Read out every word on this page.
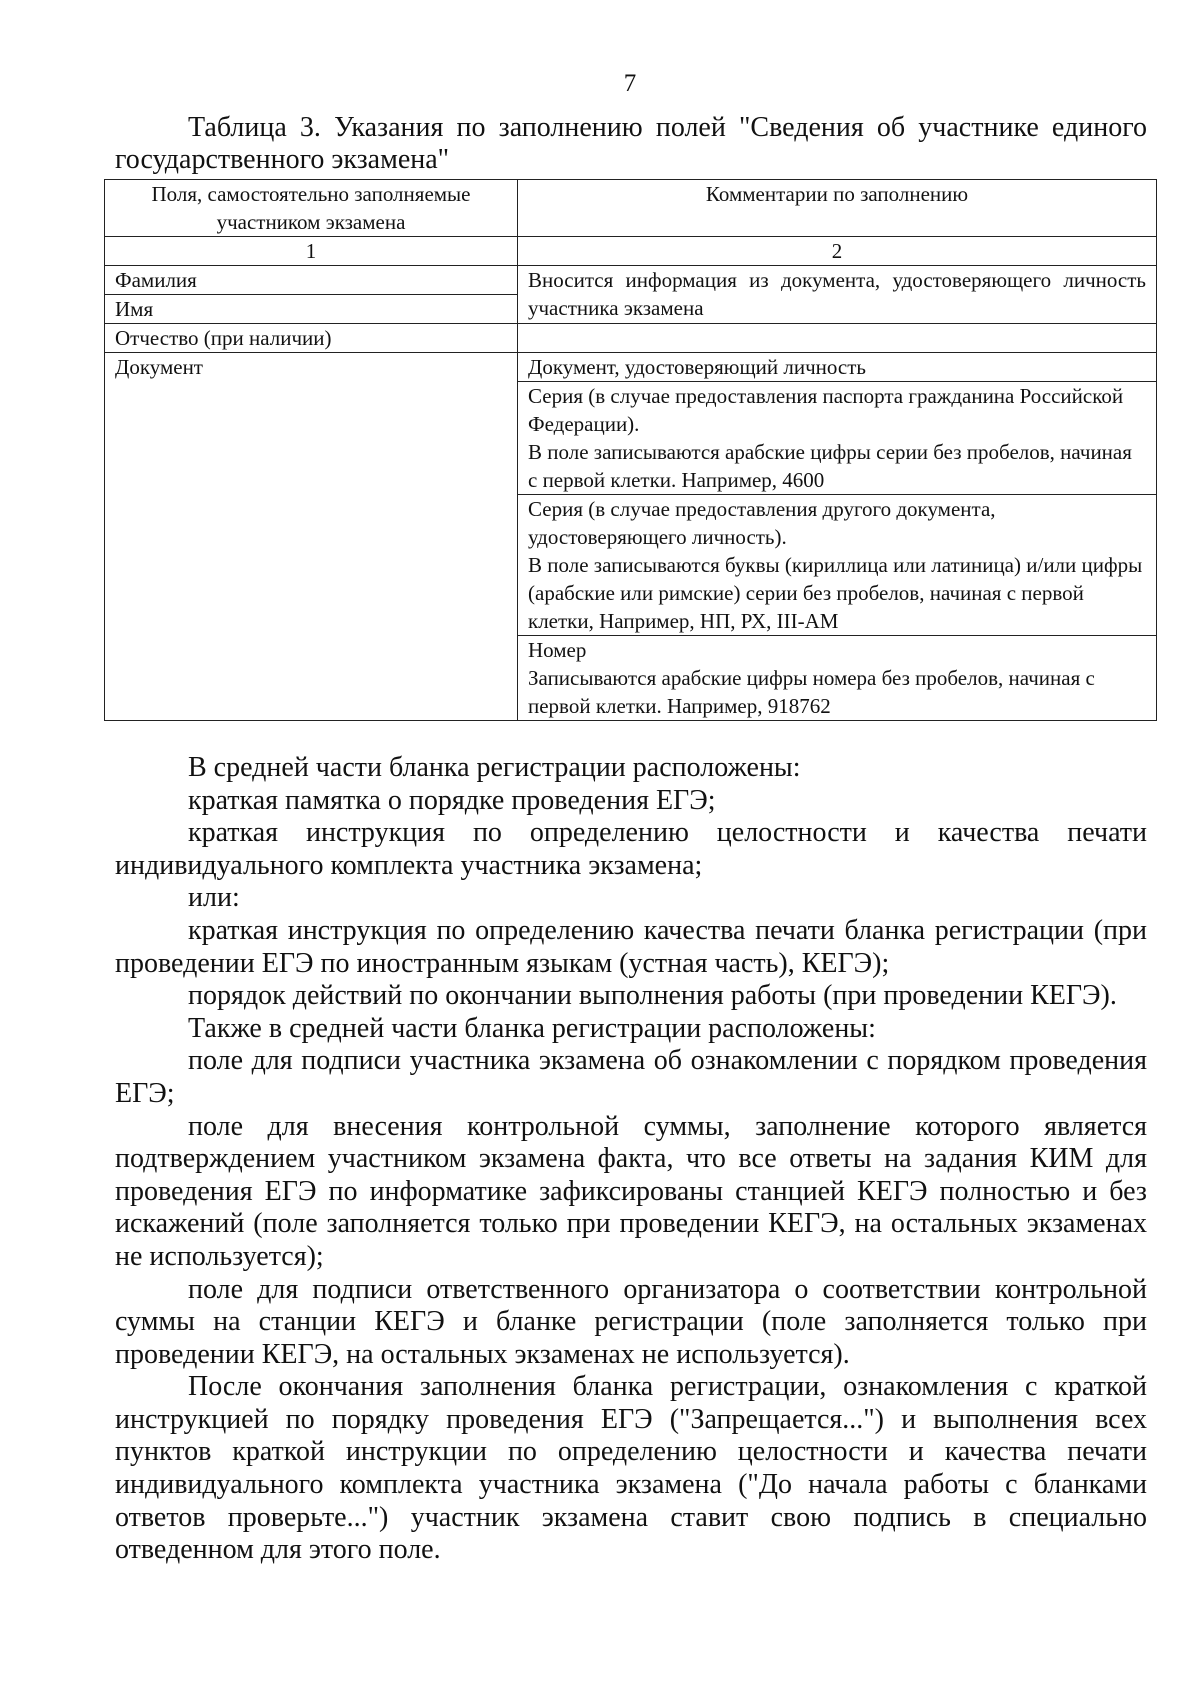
7

Таблица 3. Указания по заполнению полей "Сведения об участнике единого государственного экзамена"

Поля, самостоятельно заполняемые участником экзамена	Комментарии по заполнению
1	2
Фамилия	Вносится информация из документа, удостоверяющего личность участника экзамена
Имя	
Отчество (при наличии)	
Документ	Документ, удостоверяющий личность

	Серия (в случае предоставления паспорта гражданина Российской Федерации).
В поле записываются арабские цифры серии без пробелов, начиная с первой клетки. Например, 4600

	Серия (в случае предоставления другого документа, удостоверяющего личность).
В поле записываются буквы (кириллица или латиница) и/или цифры (арабские или римские) серии без пробелов, начиная с первой клетки, Например, НП, РХ, III-АМ

	Номер
Записываются арабские цифры номера без пробелов, начиная с первой клетки. Например, 918762

В средней части бланка регистрации расположены:

краткая памятка о порядке проведения ЕГЭ;

краткая инструкция по определению целостности и качества печати индивидуального комплекта участника экзамена;

или:

краткая инструкция по определению качества печати бланка регистрации (при проведении ЕГЭ по иностранным языкам (устная часть), КЕГЭ);

порядок действий по окончании выполнения работы (при проведении КЕГЭ).

Также в средней части бланка регистрации расположены:

поле для подписи участника экзамена об ознакомлении с порядком проведения ЕГЭ;

поле для внесения контрольной суммы, заполнение которого является подтверждением участником экзамена факта, что все ответы на задания КИМ для проведения ЕГЭ по информатике зафиксированы станцией КЕГЭ полностью и без искажений (поле заполняется только при проведении КЕГЭ, на остальных экзаменах не используется);

поле для подписи ответственного организатора о соответствии контрольной суммы на станции КЕГЭ и бланке регистрации (поле заполняется только при проведении КЕГЭ, на остальных экзаменах не используется).

После окончания заполнения бланка регистрации, ознакомления с краткой инструкцией по порядку проведения ЕГЭ ("Запрещается...") и выполнения всех пунктов краткой инструкции по определению целостности и качества печати индивидуального комплекта участника экзамена ("До начала работы с бланками ответов проверьте...") участник экзамена ставит свою подпись в специально отведенном для этого поле.
